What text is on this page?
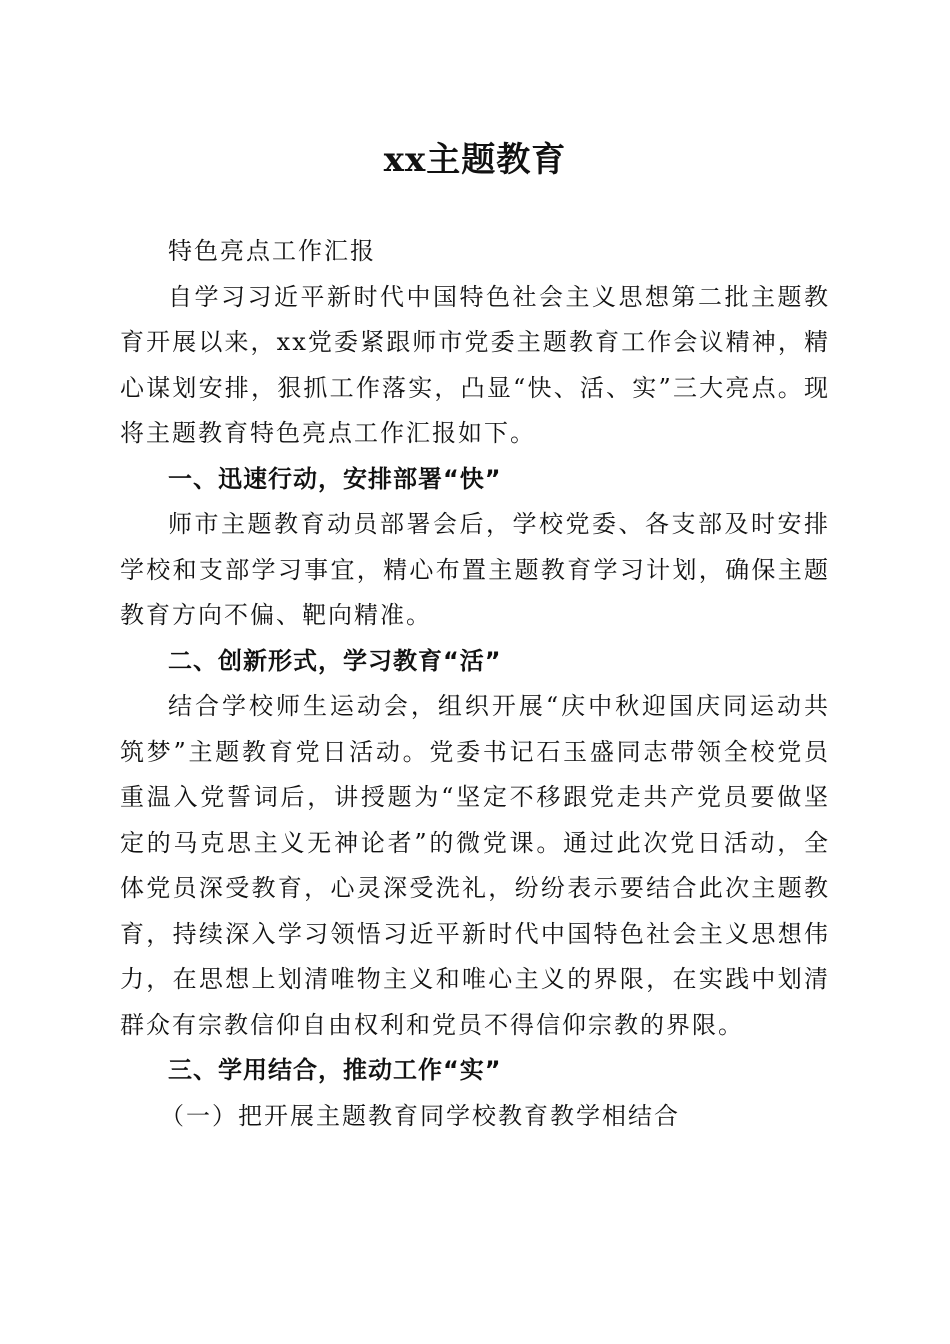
xx主题教育

特色亮点工作汇报

自学习习近平新时代中国特色社会主义思想第二批主题教育开展以来，xx党委紧跟师市党委主题教育工作会议精神，精心谋划安排，狠抓工作落实，凸显“快、活、实”三大亮点。现将主题教育特色亮点工作汇报如下。

一、迅速行动，安排部署“快”

师市主题教育动员部署会后，学校党委、各支部及时安排学校和支部学习事宜，精心布置主题教育学习计划，确保主题教育方向不偏、靶向精准。

二、创新形式，学习教育“活”

结合学校师生运动会，组织开展“庆中秋迎国庆同运动共筑梦”主题教育党日活动。党委书记石玉盛同志带领全校党员重温入党誓词后，讲授题为“坚定不移跟党走共产党员要做坚定的马克思主义无神论者”的微党课。通过此次党日活动，全体党员深受教育，心灵深受洗礼，纷纷表示要结合此次主题教育，持续深入学习领悟习近平新时代中国特色社会主义思想伟力，在思想上划清唯物主义和唯心主义的界限，在实践中划清群众有宗教信仰自由权利和党员不得信仰宗教的界限。

三、学用结合，推动工作“实”

（一）把开展主题教育同学校教育教学相结合
